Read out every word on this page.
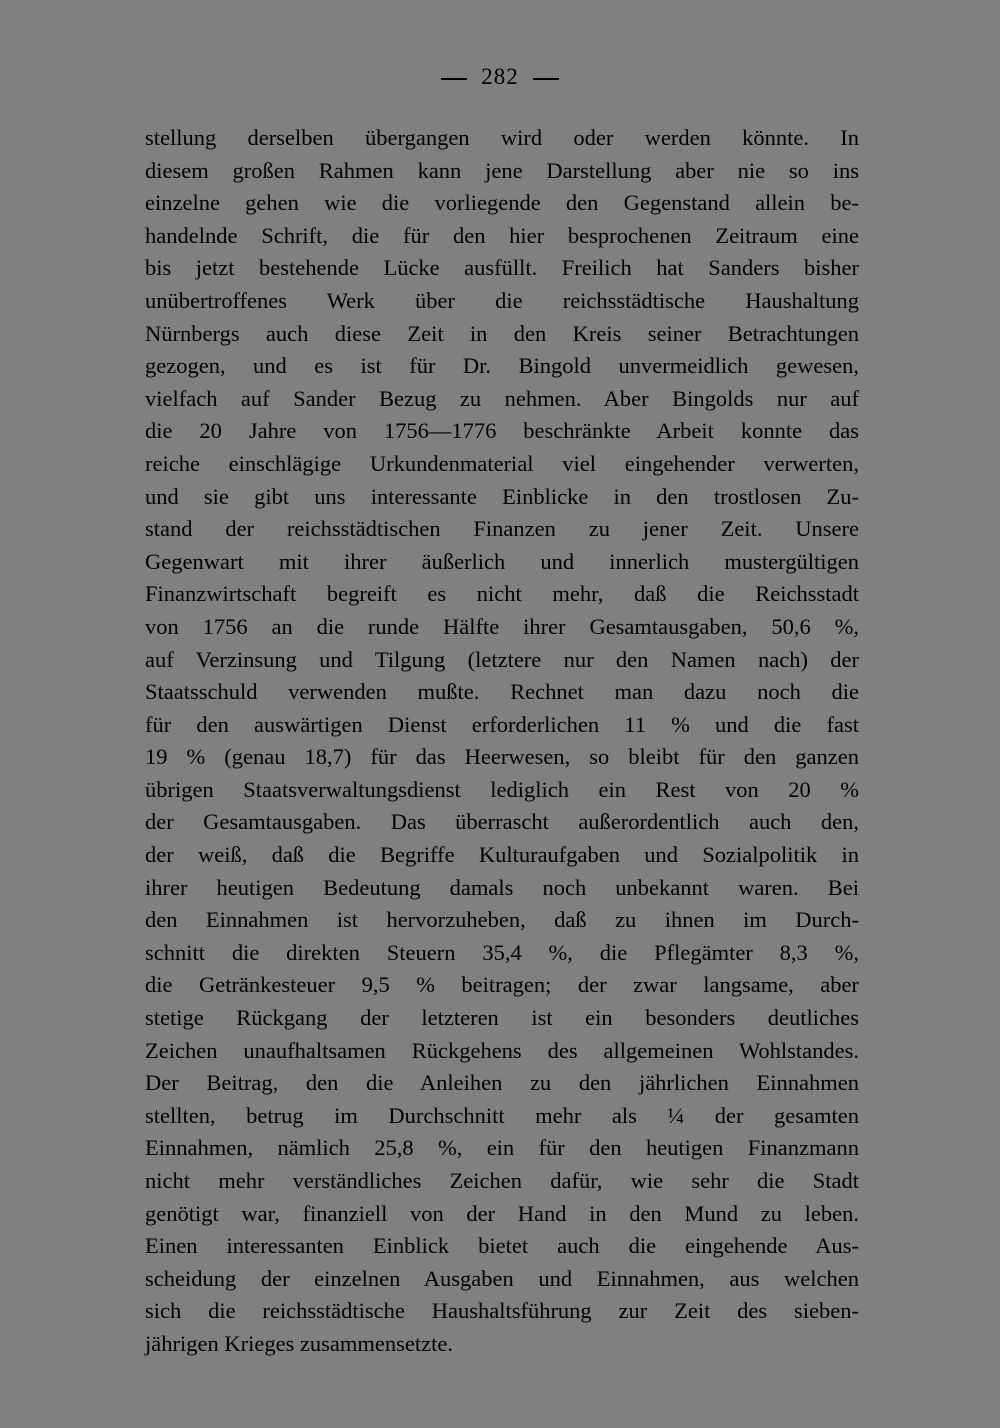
282
stellung derselben übergangen wird oder werden könnte. In
diesem großen Rahmen kann jene Darstellung aber nie so ins
einzelne gehen wie die vorliegende den Gegenstand allein be-
handelnde Schrift, die für den hier besprochenen Zeitraum eine
bis jetzt bestehende Lücke ausfüllt. Freilich hat Sanders bisher
unübertroffenes Werk über die reichsstädtische Haushaltung
Nürnbergs auch diese Zeit in den Kreis seiner Betrachtungen
gezogen, und es ist für Dr. Bingold unvermeidlich gewesen,
vielfach auf Sander Bezug zu nehmen. Aber Bingolds nur auf
die 20 Jahre von 1756—1776 beschränkte Arbeit konnte das
reiche einschlägige Urkundenmaterial viel eingehender verwerten,
und sie gibt uns interessante Einblicke in den trostlosen Zu-
stand der reichsstädtischen Finanzen zu jener Zeit. Unsere
Gegenwart mit ihrer äußerlich und innerlich mustergültigen
Finanzwirtschaft begreift es nicht mehr, daß die Reichsstadt
von 1756 an die runde Hälfte ihrer Gesamtausgaben, 50,6 %,
auf Verzinsung und Tilgung (letztere nur den Namen nach) der
Staatsschuld verwenden mußte. Rechnet man dazu noch die
für den auswärtigen Dienst erforderlichen 11 % und die fast
19 % (genau 18,7) für das Heerwesen, so bleibt für den ganzen
übrigen Staatsverwaltungsdienst lediglich ein Rest von 20 %
der Gesamtausgaben. Das überrascht außerordentlich auch den,
der weiß, daß die Begriffe Kulturaufgaben und Sozialpolitik in
ihrer heutigen Bedeutung damals noch unbekannt waren. Bei
den Einnahmen ist hervorzuheben, daß zu ihnen im Durch-
schnitt die direkten Steuern 35,4 %, die Pflegämter 8,3 %,
die Getränkesteuer 9,5 % beitragen; der zwar langsame, aber
stetige Rückgang der letzteren ist ein besonders deutliches
Zeichen unaufhaltsamen Rückgehens des allgemeinen Wohlstandes.
Der Beitrag, den die Anleihen zu den jährlichen Einnahmen
stellten, betrug im Durchschnitt mehr als ¼ der gesamten
Einnahmen, nämlich 25,8 %, ein für den heutigen Finanzmann
nicht mehr verständliches Zeichen dafür, wie sehr die Stadt
genötigt war, finanziell von der Hand in den Mund zu leben.
Einen interessanten Einblick bietet auch die eingehende Aus-
scheidung der einzelnen Ausgaben und Einnahmen, aus welchen
sich die reichsstädtische Haushaltsführung zur Zeit des sieben-
jährigen Krieges zusammensetzte.
